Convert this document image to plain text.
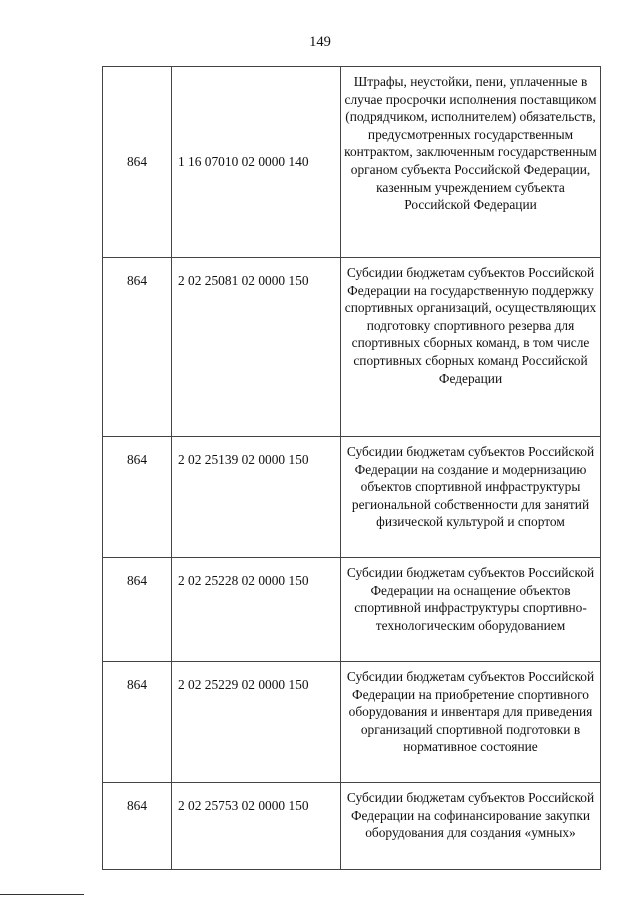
149
864	1 16 07010 02 0000 140	Штрафы, неустойки, пени, уплаченные в случае просрочки исполнения поставщиком (подрядчиком, исполнителем) обязательств, предусмотренных государственным контрактом, заключенным государственным органом субъекта Российской Федерации, казенным учреждением субъекта Российской Федерации
864	2 02 25081 02 0000 150	Субсидии бюджетам субъектов Российской Федерации на государственную поддержку спортивных организаций, осуществляющих подготовку спортивного резерва для спортивных сборных команд, в том числе спортивных сборных команд Российской Федерации
864	2 02 25139 02 0000 150	Субсидии бюджетам субъектов Российской Федерации на создание и модернизацию объектов спортивной инфраструктуры региональной собственности для занятий физической культурой и спортом
864	2 02 25228 02 0000 150	Субсидии бюджетам субъектов Российской Федерации на оснащение объектов спортивной инфраструктуры спортивно-технологическим оборудованием
864	2 02 25229 02 0000 150	Субсидии бюджетам субъектов Российской Федерации на приобретение спортивного оборудования и инвентаря для приведения организаций спортивной подготовки в нормативное состояние
864	2 02 25753 02 0000 150	Субсидии бюджетам субъектов Российской Федерации на софинансирование закупки оборудования для создания «умных»
